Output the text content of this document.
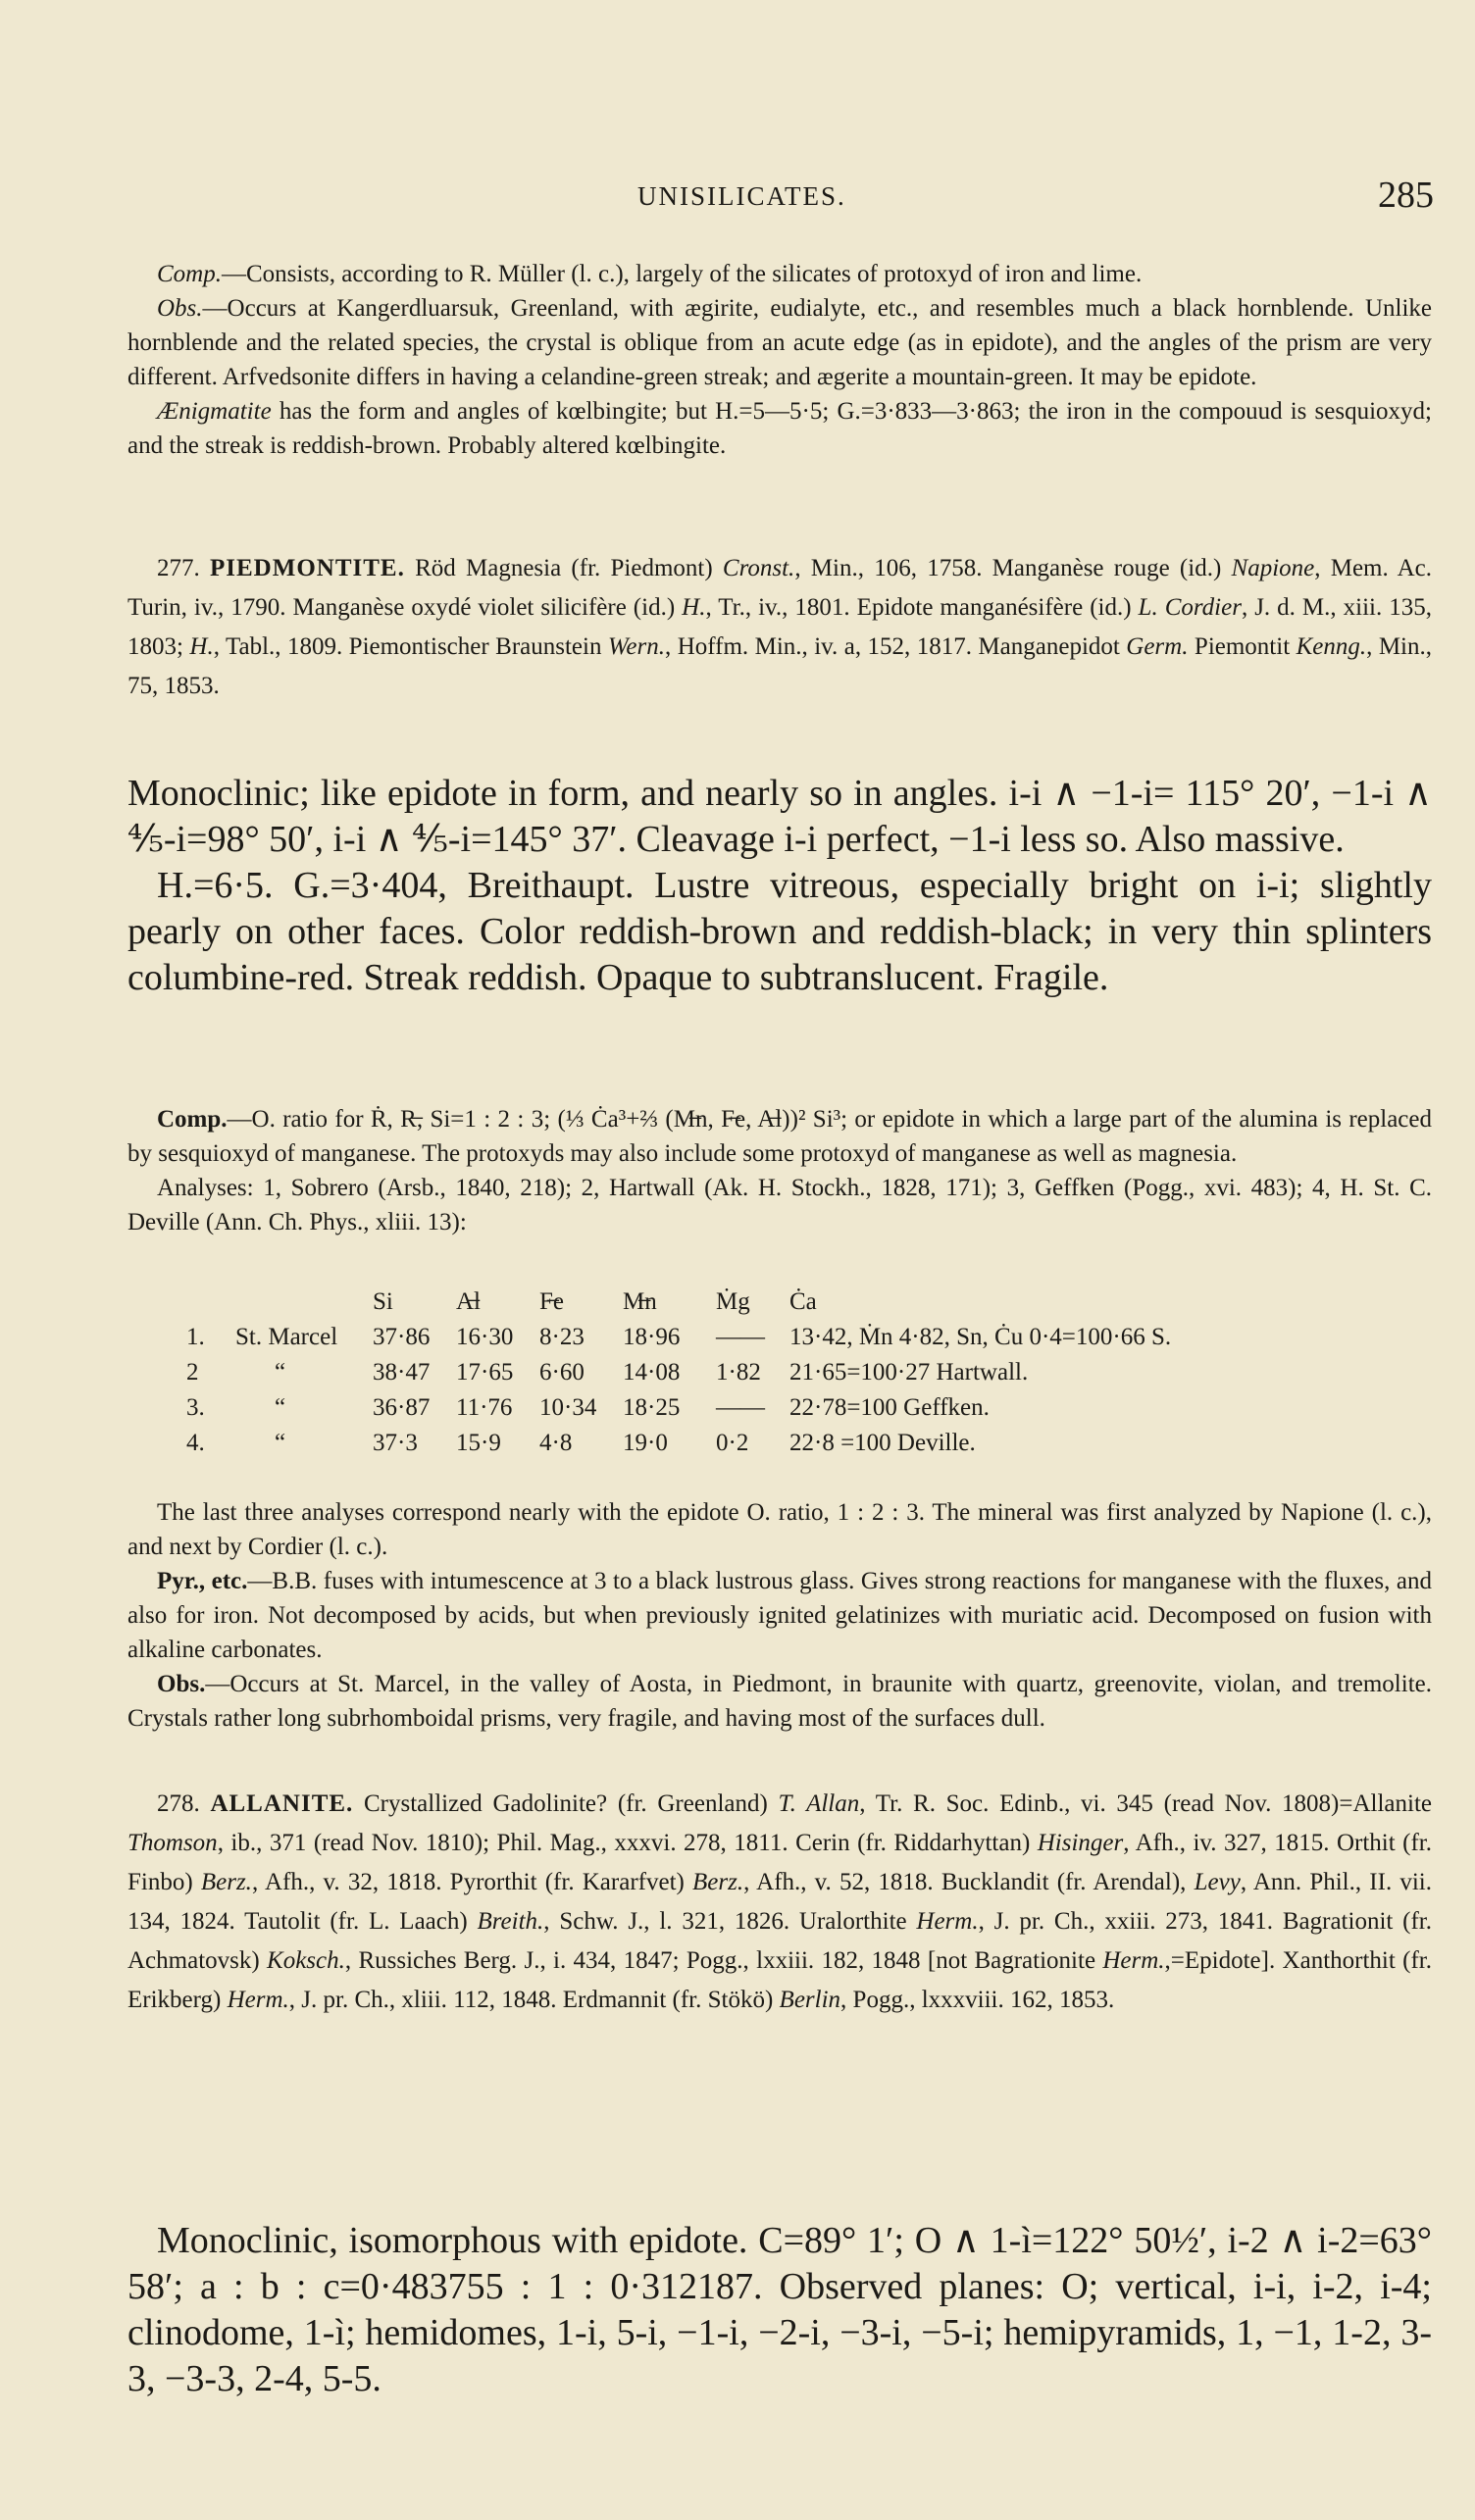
UNISILICATES.	285
Comp.—Consists, according to R. Müller (l. c.), largely of the silicates of protoxyd of iron and lime.
Obs.—Occurs at Kangerdluarsuk, Greenland, with ægirite, eudialyte, etc., and resembles much a black hornblende. Unlike hornblende and the related species, the crystal is oblique from an acute edge (as in epidote), and the angles of the prism are very different. Arfvedsonite differs in having a celandine-green streak; and ægerite a mountain-green. It may be epidote.
Ænigmatite has the form and angles of kœlbingite; but H.=5—5·5; G.=3·833—3·863; the iron in the compouud is sesquioxyd; and the streak is reddish-brown. Probably altered kœlbingite.
277. PIEDMONTITE. Röd Magnesia (fr. Piedmont) Cronst., Min., 106, 1758. Manganèse rouge (id.) Napione, Mem. Ac. Turin, iv., 1790. Manganèse oxydé violet silicifère (id.) H., Tr., iv., 1801. Epidote manganésifère (id.) L. Cordier, J. d. M., xiii. 135, 1803; H., Tabl., 1809. Piemontischer Braunstein Wern., Hoffm. Min., iv. a, 152, 1817. Manganepidot Germ. Piemontit Kenng., Min., 75, 1853.
Monoclinic; like epidote in form, and nearly so in angles. i-i ∧ −1-i= 115° 20′, −1-i ∧ ⅘-i=98° 50′, i-i ∧ ⅘-i=145° 37′. Cleavage i-i perfect, −1-i less so. Also massive.
H.=6·5. G.=3·404, Breithaupt. Lustre vitreous, especially bright on i-i; slightly pearly on other faces. Color reddish-brown and reddish-black; in very thin splinters columbine-red. Streak reddish. Opaque to subtranslucent. Fragile.
Comp.—O. ratio for Ṙ, R̶, Si=1 : 2 : 3; (⅓ Ċa³+⅔ (M̶n, F̶e, A̶l))² Si³; or epidote in which a large part of the alumina is replaced by sesquioxyd of manganese. The protoxyds may also include some protoxyd of manganese as well as magnesia.
Analyses: 1, Sobrero (Arsb., 1840, 218); 2, Hartwall (Ak. H. Stockh., 1828, 171); 3, Geffken (Pogg., xvi. 483); 4, H. St. C. Deville (Ann. Ch. Phys., xliii. 13):
		Si	A̶l	F̶e	M̶n	Ṁg	Ċa
1.	St. Marcel	37·86	16·30	8·23	18·96	——	13·42, Ṁn 4·82, Sn, Ċu 0·4=100·66 S.
2	“	38·47	17·65	6·60	14·08	1·82	21·65=100·27 Hartwall.
3.	“	36·87	11·76	10·34	18·25	——	22·78=100 Geffken.
4.	“	37·3	15·9	4·8	19·0	0·2	22·8 =100 Deville.
The last three analyses correspond nearly with the epidote O. ratio, 1 : 2 : 3. The mineral was first analyzed by Napione (l. c.), and next by Cordier (l. c.).
Pyr., etc.—B.B. fuses with intumescence at 3 to a black lustrous glass. Gives strong reactions for manganese with the fluxes, and also for iron. Not decomposed by acids, but when previously ignited gelatinizes with muriatic acid. Decomposed on fusion with alkaline carbonates.
Obs.—Occurs at St. Marcel, in the valley of Aosta, in Piedmont, in braunite with quartz, greenovite, violan, and tremolite. Crystals rather long subrhomboidal prisms, very fragile, and having most of the surfaces dull.
278. ALLANITE. Crystallized Gadolinite? (fr. Greenland) T. Allan, Tr. R. Soc. Edinb., vi. 345 (read Nov. 1808)=Allanite Thomson, ib., 371 (read Nov. 1810); Phil. Mag., xxxvi. 278, 1811. Cerin (fr. Riddarhyttan) Hisinger, Afh., iv. 327, 1815. Orthit (fr. Finbo) Berz., Afh., v. 32, 1818. Pyrorthit (fr. Kararfvet) Berz., Afh., v. 52, 1818. Bucklandit (fr. Arendal), Levy, Ann. Phil., II. vii. 134, 1824. Tautolit (fr. L. Laach) Breith., Schw. J., l. 321, 1826. Uralorthite Herm., J. pr. Ch., xxiii. 273, 1841. Bagrationit (fr. Achmatovsk) Koksch., Russiches Berg. J., i. 434, 1847; Pogg., lxxiii. 182, 1848 [not Bagrationite Herm.,=Epidote]. Xanthorthit (fr. Erikberg) Herm., J. pr. Ch., xliii. 112, 1848. Erdmannit (fr. Stökö) Berlin, Pogg., lxxxviii. 162, 1853.
Monoclinic, isomorphous with epidote. C=89° 1′; O ∧ 1-ì=122° 50½′, i-2 ∧ i-2=63° 58′; a : b : c=0·483755 : 1 : 0·312187. Observed planes: O; vertical, i-i, i-2, i-4; clinodome, 1-ì; hemidomes, 1-i, 5-i, −1-i, −2-i, −3-i, −5-i; hemipyramids, 1, −1, 1-2, 3-3, −3-3, 2-4, 5-5.
